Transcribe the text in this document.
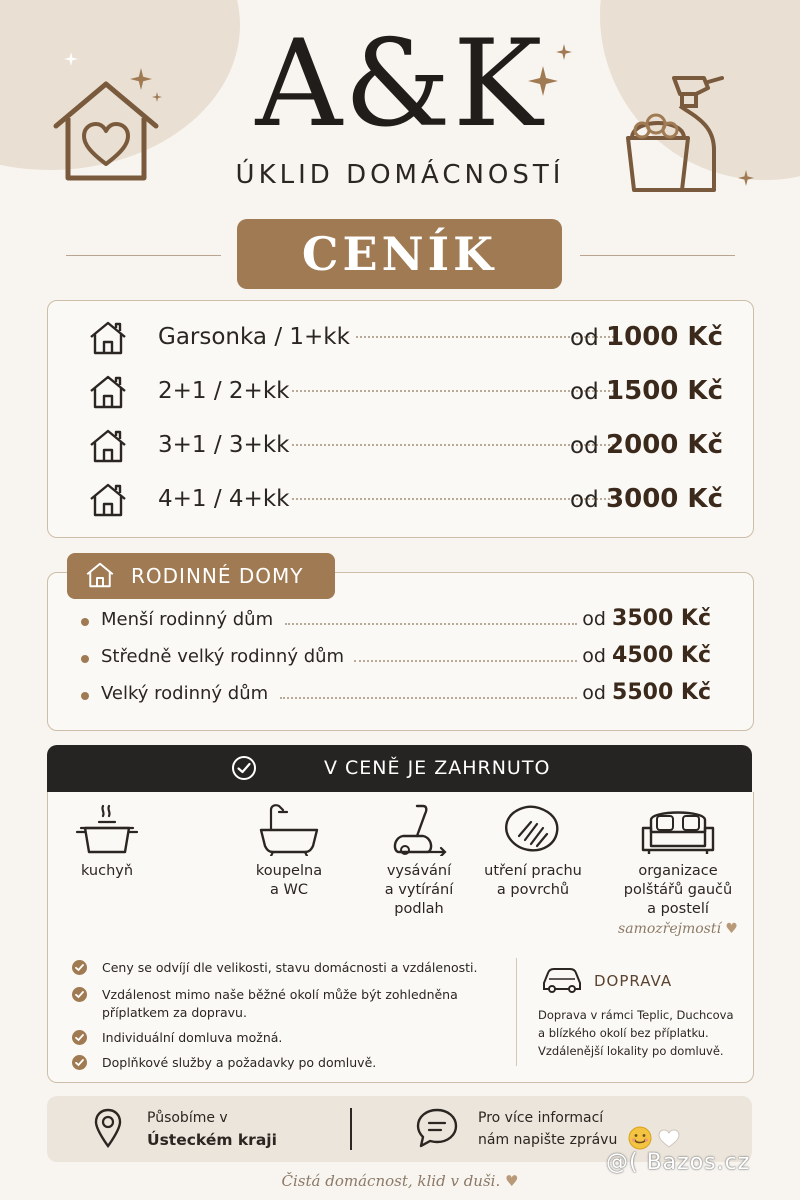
A&K
ÚKLID DOMÁCNOSTÍ
CENÍK
Garsonka / 1+kk	od 1000 Kč
2+1 / 2+kk	od 1500 Kč
3+1 / 3+kk	od 2000 Kč
4+1 / 4+kk	od 3000 Kč
Menší rodinný dům	od 3500 Kč
Středně velký rodinný dům	od 4500 Kč
Velký rodinný dům	od 5500 Kč
RODINNÉ DOMY
V CENĚ JE ZAHRNUTO
kuchyň	koupelna
a WC
vysávání
a vytírání
podlah
utření prachu
a povrchů
organizace
polštářů gaučů
a postelí
samozřejmostí ♥
Ceny se odvíjí dle velikosti, stavu domácnosti a vzdálenosti.
Vzdálenost mimo naše běžné okolí může být zohledněna příplatkem za dopravu.
Individuální domluva možná.
Doplňkové služby a požadavky po domluvě.
DOPRAVA
Doprava v rámci Teplic, Duchcova a blízkého okolí bez příplatku. Vzdálenější lokality po domluvě.
Působíme v
Ústeckém kraji
Pro více informací
nám napište zprávu
Čistá domácnost, klid v duši. ♥
@( Bazos.cz
